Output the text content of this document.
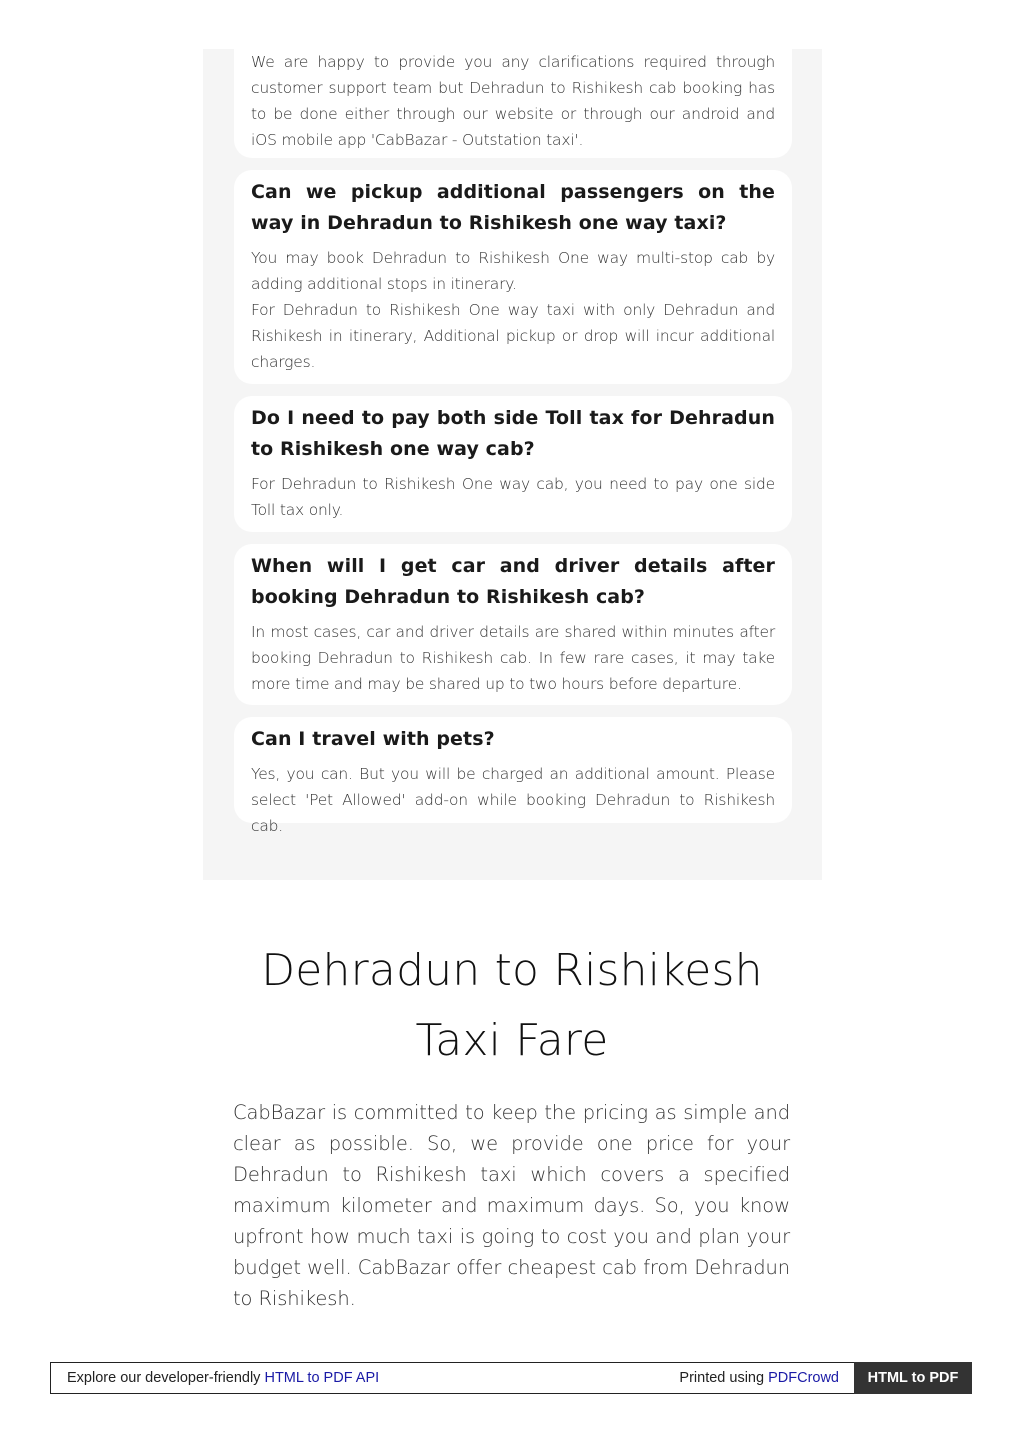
We are happy to provide you any clarifications required through customer support team but Dehradun to Rishikesh cab booking has to be done either through our website or through our android and iOS mobile app 'CabBazar - Outstation taxi'.

Can we pickup additional passengers on the way in Dehradun to Rishikesh one way taxi?

You may book Dehradun to Rishikesh One way multi-stop cab by adding additional stops in itinerary.

For Dehradun to Rishikesh One way taxi with only Dehradun and Rishikesh in itinerary, Additional pickup or drop will incur additional charges.

Do I need to pay both side Toll tax for Dehradun to Rishikesh one way cab?

For Dehradun to Rishikesh One way cab, you need to pay one side Toll tax only.

When will I get car and driver details after booking Dehradun to Rishikesh cab?

In most cases, car and driver details are shared within minutes after booking Dehradun to Rishikesh cab. In few rare cases, it may take more time and may be shared up to two hours before departure.

Can I travel with pets?

Yes, you can. But you will be charged an additional amount. Please select 'Pet Allowed' add-on while booking Dehradun to Rishikesh cab.

Dehradun to Rishikesh Taxi Fare

CabBazar is committed to keep the pricing as simple and clear as possible. So, we provide one price for your Dehradun to Rishikesh taxi which covers a specified maximum kilometer and maximum days. So, you know upfront how much taxi is going to cost you and plan your budget well. CabBazar offer cheapest cab from Dehradun to Rishikesh.

Explore our developer-friendly HTML to PDF API	Printed using PDFCrowd	HTML to PDF
